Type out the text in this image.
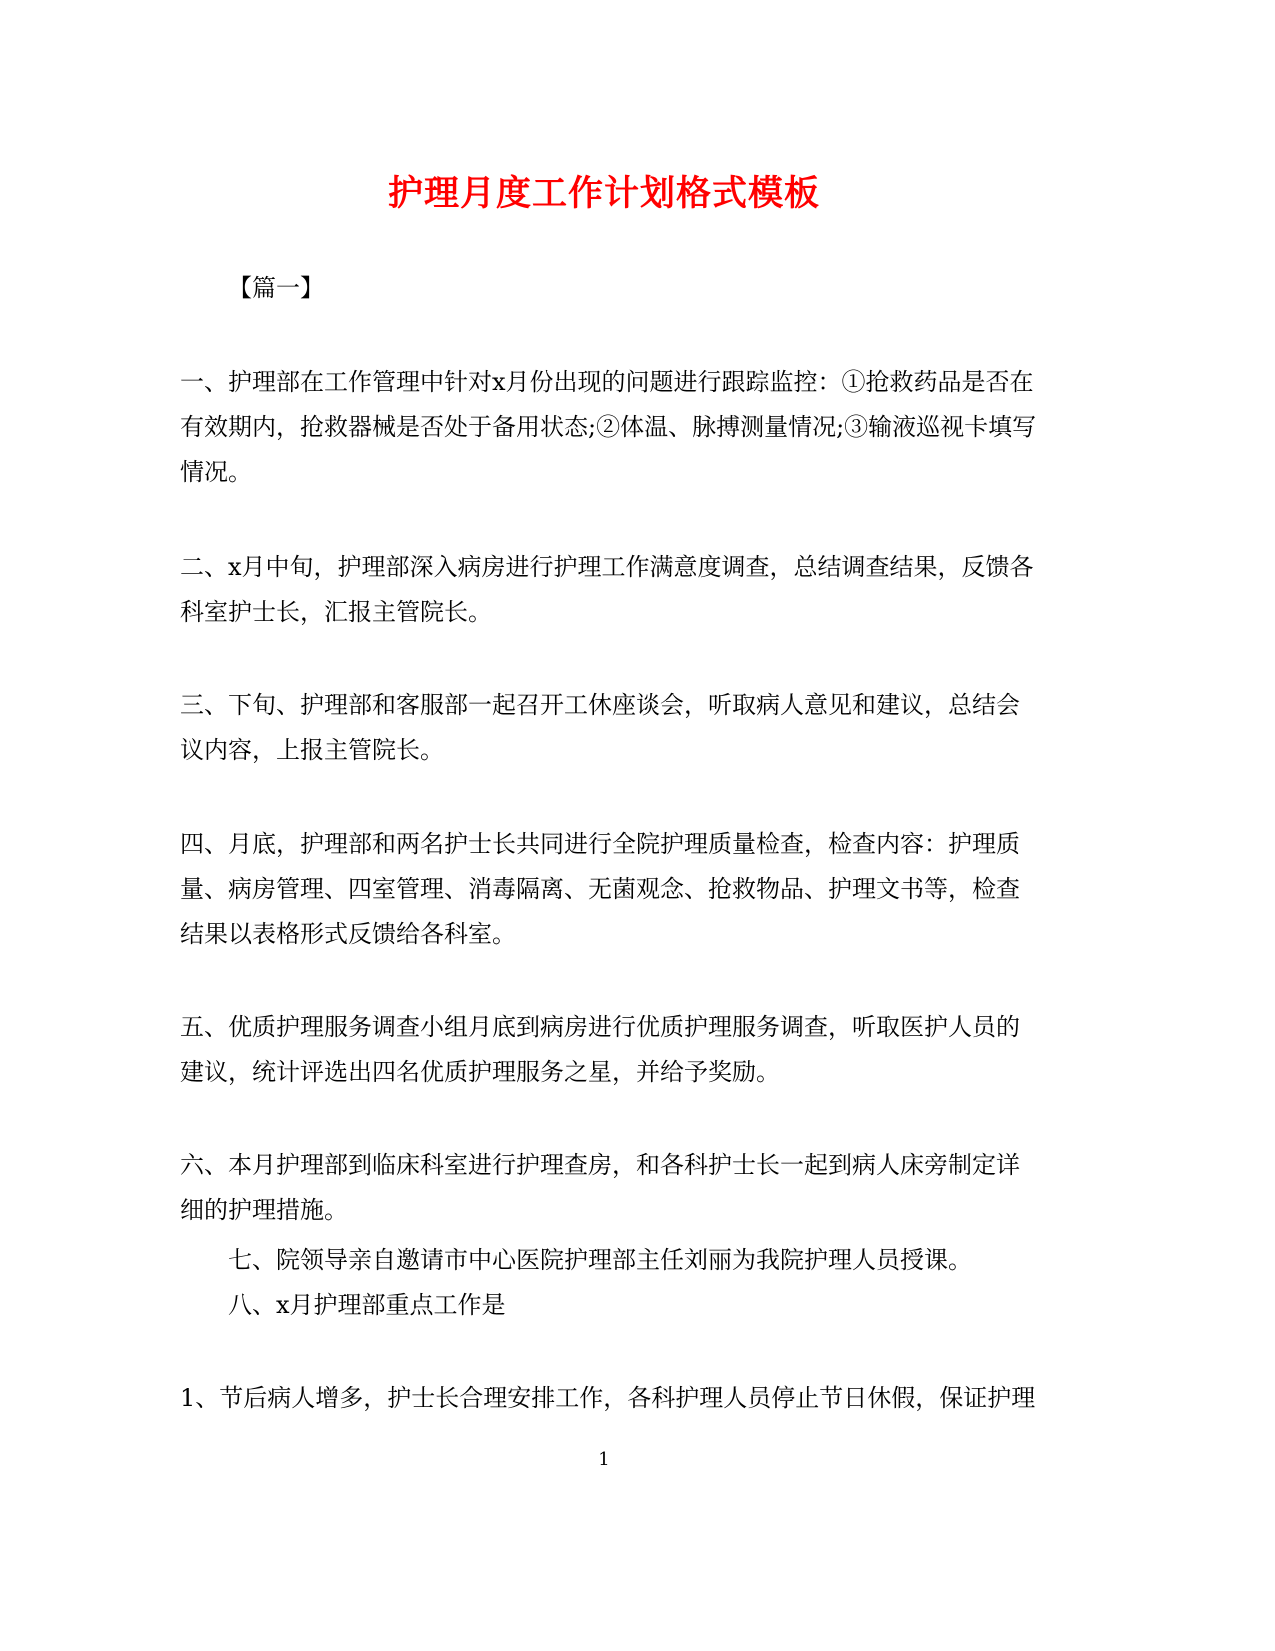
护理月度工作计划格式模板
【篇一】

一、护理部在工作管理中针对x月份出现的问题进行跟踪监控：①抢救药品是否在有效期内，抢救器械是否处于备用状态;②体温、脉搏测量情况;③输液巡视卡填写情况。

二、x月中旬，护理部深入病房进行护理工作满意度调查，总结调查结果，反馈各科室护士长，汇报主管院长。

三、下旬、护理部和客服部一起召开工休座谈会，听取病人意见和建议，总结会议内容，上报主管院长。

四、月底，护理部和两名护士长共同进行全院护理质量检查，检查内容：护理质量、病房管理、四室管理、消毒隔离、无菌观念、抢救物品、护理文书等，检查结果以表格形式反馈给各科室。

五、优质护理服务调查小组月底到病房进行优质护理服务调查，听取医护人员的建议，统计评选出四名优质护理服务之星，并给予奖励。

六、本月护理部到临床科室进行护理查房，和各科护士长一起到病人床旁制定详细的护理措施。

七、院领导亲自邀请市中心医院护理部主任刘丽为我院护理人员授课。

八、x月护理部重点工作是

1、节后病人增多，护士长合理安排工作，各科护理人员停止节日休假，保证护理

1
